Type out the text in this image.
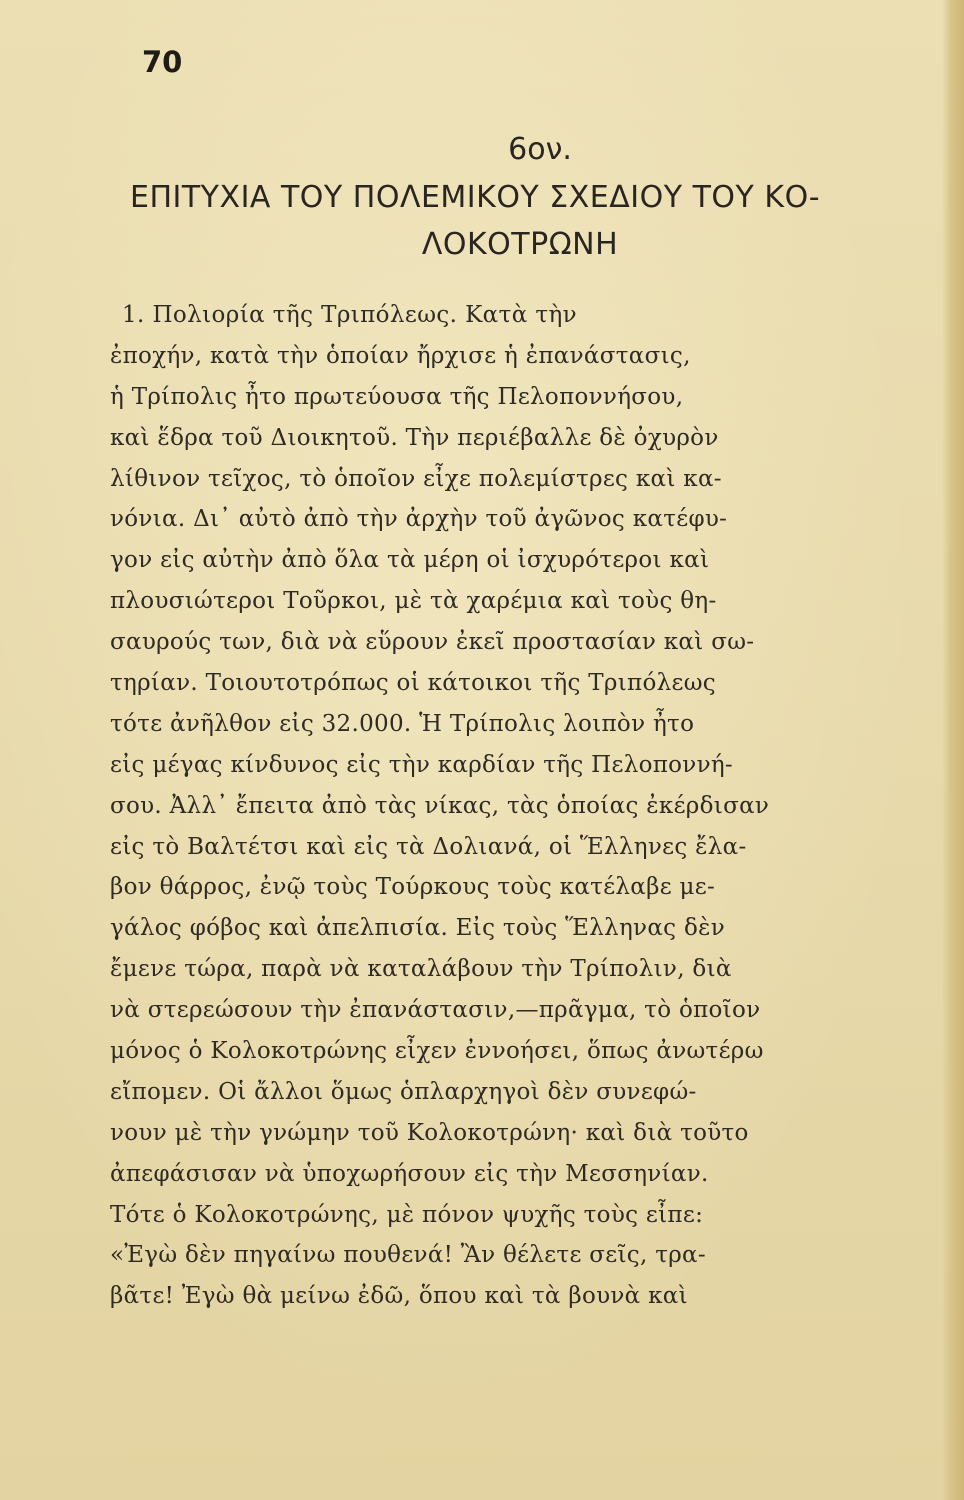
70

6ον.

ΕΠΙΤΥΧΙΑ ΤΟΥ ΠΟΛΕΜΙΚΟΥ ΣΧΕΔΙΟΥ ΤΟΥ ΚΟ-
ΛΟΚΟΤΡΩΝΗ
1. Πολιορία τῆς Τριπόλεως. Κατὰ τὴν
ἐποχήν, κατὰ τὴν ὁποίαν ἤρχισε ἡ ἐπανάστασις,
ἡ Τρίπολις ἦτο πρωτεύουσα τῆς Πελοποννήσου,
καὶ ἕδρα τοῦ Διοικητοῦ. Τὴν περιέβαλλε δὲ ὀχυρὸν
λίθινον τεῖχος, τὸ ὁποῖον εἶχε πολεμίστρες καὶ κα-
νόνια. Δι᾽ αὐτὸ ἀπὸ τὴν ἀρχὴν τοῦ ἀγῶνος κατέφυ-
γον εἰς αὐτὴν ἀπὸ ὅλα τὰ μέρη οἱ ἰσχυρότεροι καὶ
πλουσιώτεροι Τοῦρκοι, μὲ τὰ χαρέμια καὶ τοὺς θη-
σαυρούς των, διὰ νὰ εὕρουν ἐκεῖ προστασίαν καὶ σω-
τηρίαν. Τοιουτοτρόπως οἱ κάτοικοι τῆς Τριπόλεως
τότε ἀνῆλθον εἰς 32.000. Ἡ Τρίπολις λοιπὸν ἦτο
εἰς μέγας κίνδυνος εἰς τὴν καρδίαν τῆς Πελοποννή-
σου. Ἀλλ᾽ ἔπειτα ἀπὸ τὰς νίκας, τὰς ὁποίας ἐκέρδισαν
εἰς τὸ Βαλτέτσι καὶ εἰς τὰ Δολιανά, οἱ Ἕλληνες ἔλα-
βον θάρρος, ἐνῷ τοὺς Τούρκους τοὺς κατέλαβε με-
γάλος φόβος καὶ ἀπελπισία. Εἰς τοὺς Ἕλληνας δὲν
ἔμενε τώρα, παρὰ νὰ καταλάβουν τὴν Τρίπολιν, διὰ
νὰ στερεώσουν τὴν ἐπανάστασιν,—πρᾶγμα, τὸ ὁποῖον
μόνος ὁ Κολοκοτρώνης εἶχεν ἐννοήσει, ὅπως ἀνωτέρω
εἴπομεν. Οἱ ἄλλοι ὅμως ὁπλαρχηγοὶ δὲν συνεφώ-
νουν μὲ τὴν γνώμην τοῦ Κολοκοτρώνη· καὶ διὰ τοῦτο
ἀπεφάσισαν νὰ ὑποχωρήσουν εἰς τὴν Μεσσηνίαν.
Τότε ὁ Κολοκοτρώνης, μὲ πόνον ψυχῆς τοὺς εἶπε:
«Ἐγὼ δὲν πηγαίνω πουθενά! Ἂν θέλετε σεῖς, τρα-
βᾶτε! Ἐγὼ θὰ μείνω ἐδῶ, ὅπου καὶ τὰ βουνὰ καὶ
